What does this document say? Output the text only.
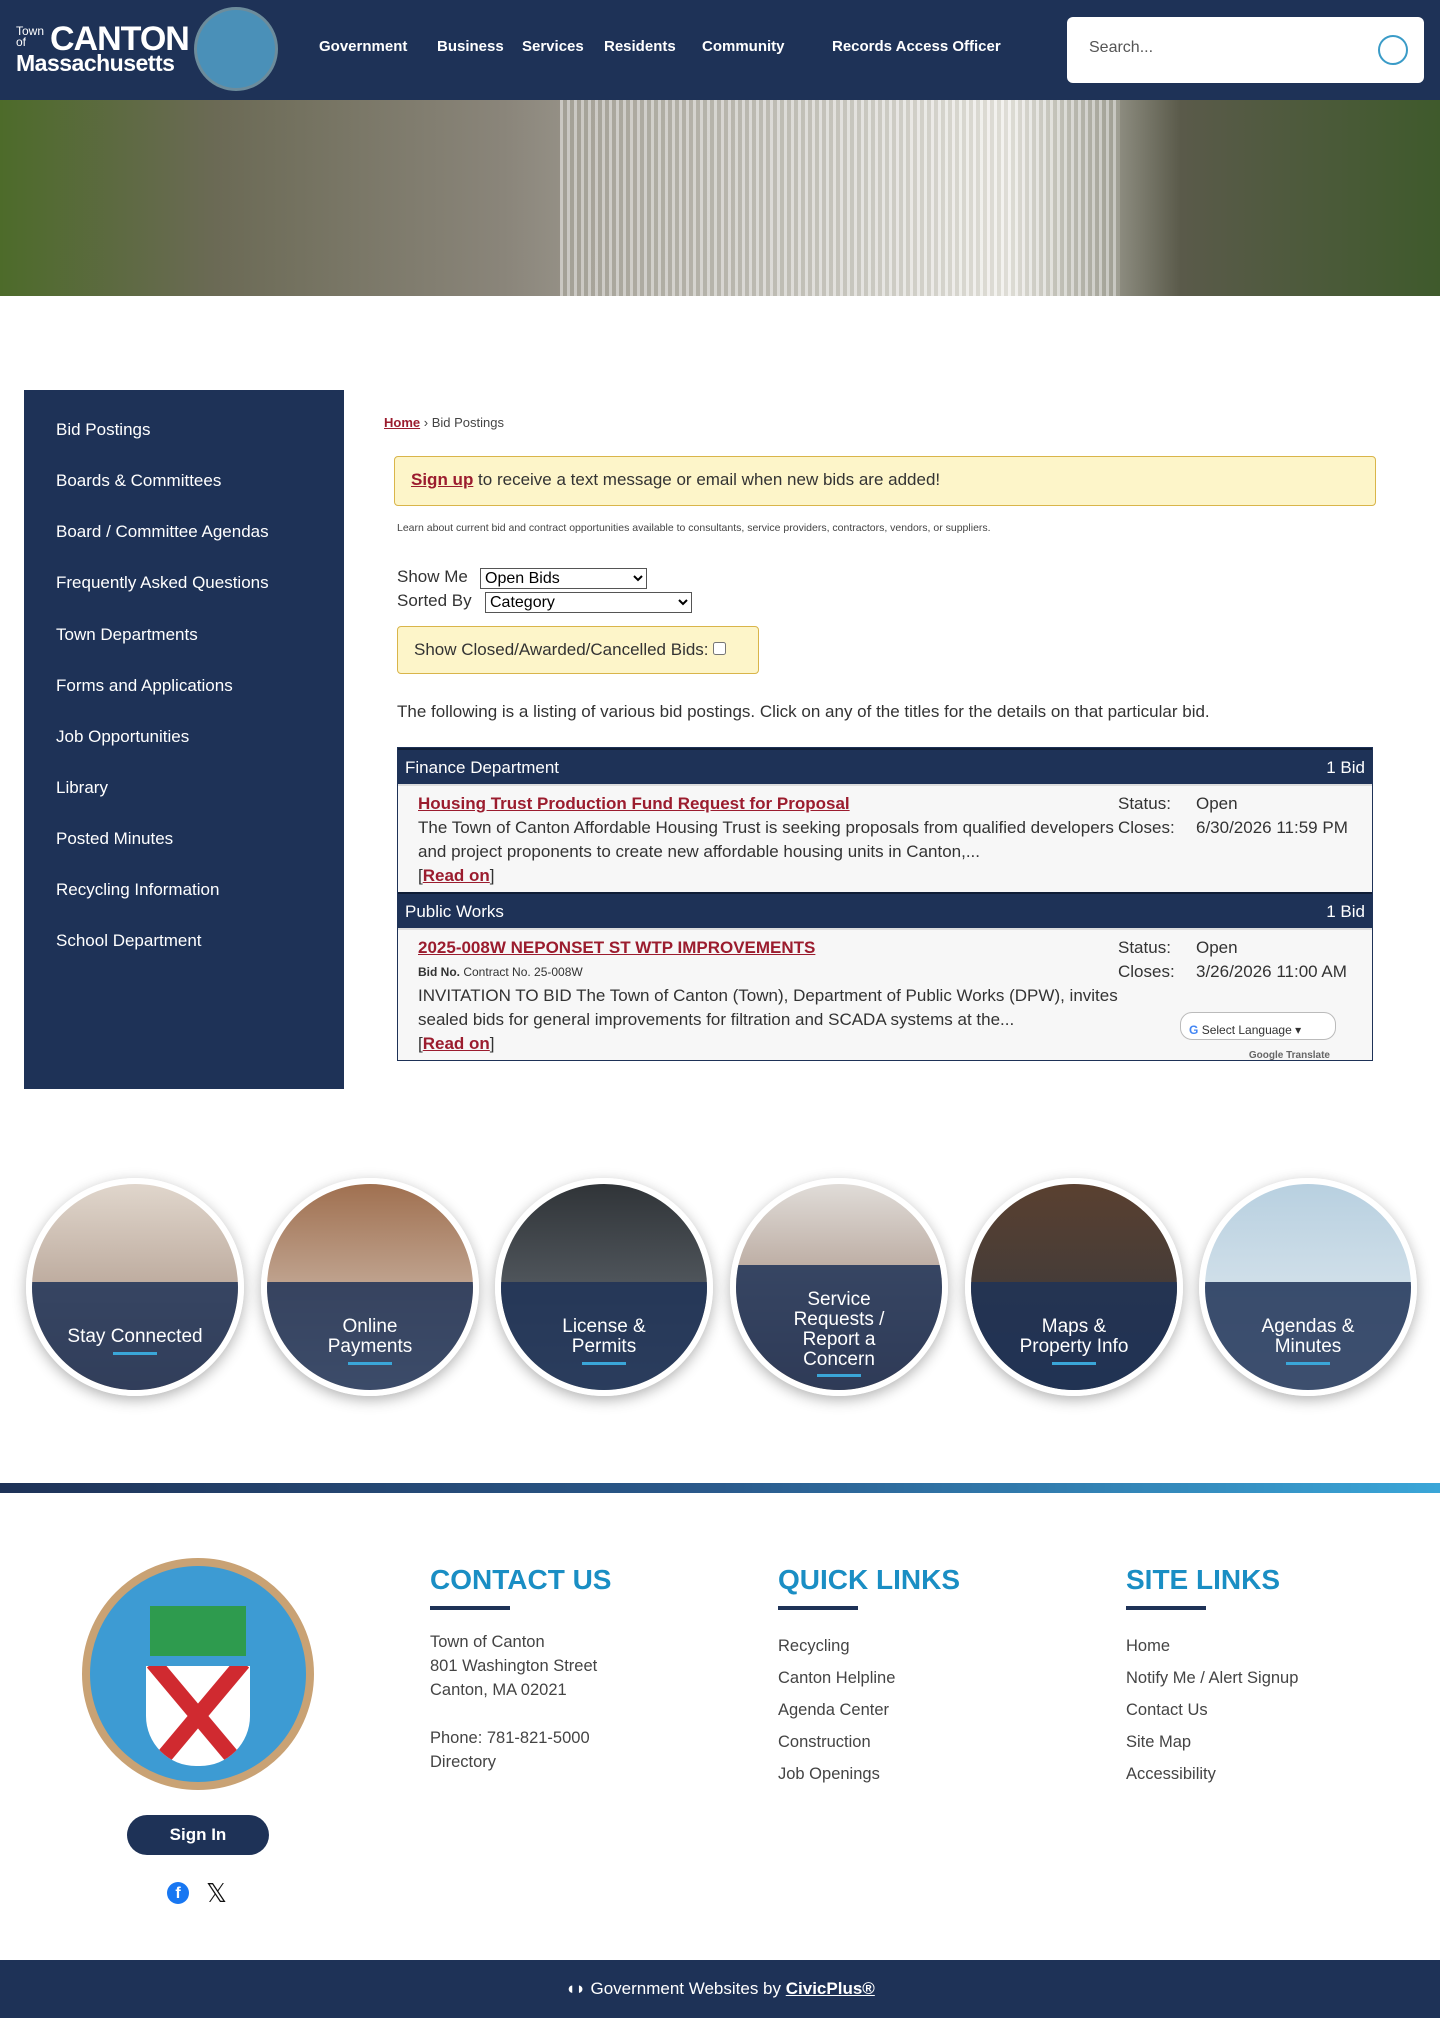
Town of CANTON
Massachusetts
Government Business Services Residents Community	Records Access Officer	Search...
Bid Postings
Boards & Committees
Board / Committee Agendas
Frequently Asked Questions
Town Departments
Forms and Applications
Job Opportunities
Library
Posted Minutes
Recycling Information
School Department
Home › Bid Postings
Sign up to receive a text message or email when new bids are added!
Learn about current bid and contract opportunities available to consultants, service providers, contractors, vendors, or suppliers.
Show Me
Open Bids
Sorted By
Category
Show Closed/Awarded/Cancelled Bids:
The following is a listing of various bid postings. Click on any of the titles for the details on that particular bid.
Finance Department	1 Bid
Housing Trust Production Fund Request for Proposal
The Town of Canton Affordable Housing Trust is seeking proposals from qualified developers and project proponents to create new affordable housing units in Canton,...
[Read on]
Status:	Open
Closes:	6/30/2026 11:59 PM
Public Works	1 Bid
2025-008W NEPONSET ST WTP IMPROVEMENTS
Bid No. Contract No. 25-008W
INVITATION TO BID The Town of Canton (Town), Department of Public Works (DPW), invites sealed bids for general improvements for filtration and SCADA systems at the...
[Read on]
Status:	Open
Closes:	3/26/2026 11:00 AM
G Select Language ▾
Google Translate
Stay Connected	Online Payments
License & Permits
Service Requests / Report a Concern
Maps & Property Info
Agendas & Minutes
CONTACT US
Town of Canton
801 Washington Street
Canton, MA 02021
Phone: 781-821-5000
Directory
QUICK LINKS
Recycling
Canton Helpline
Agenda Center
Construction
Job Openings
SITE LINKS
Home
Notify Me / Alert Signup
Contact Us
Site Map
Accessibility
Sign In
f 𝕏
◖◗ Government Websites by CivicPlus®
